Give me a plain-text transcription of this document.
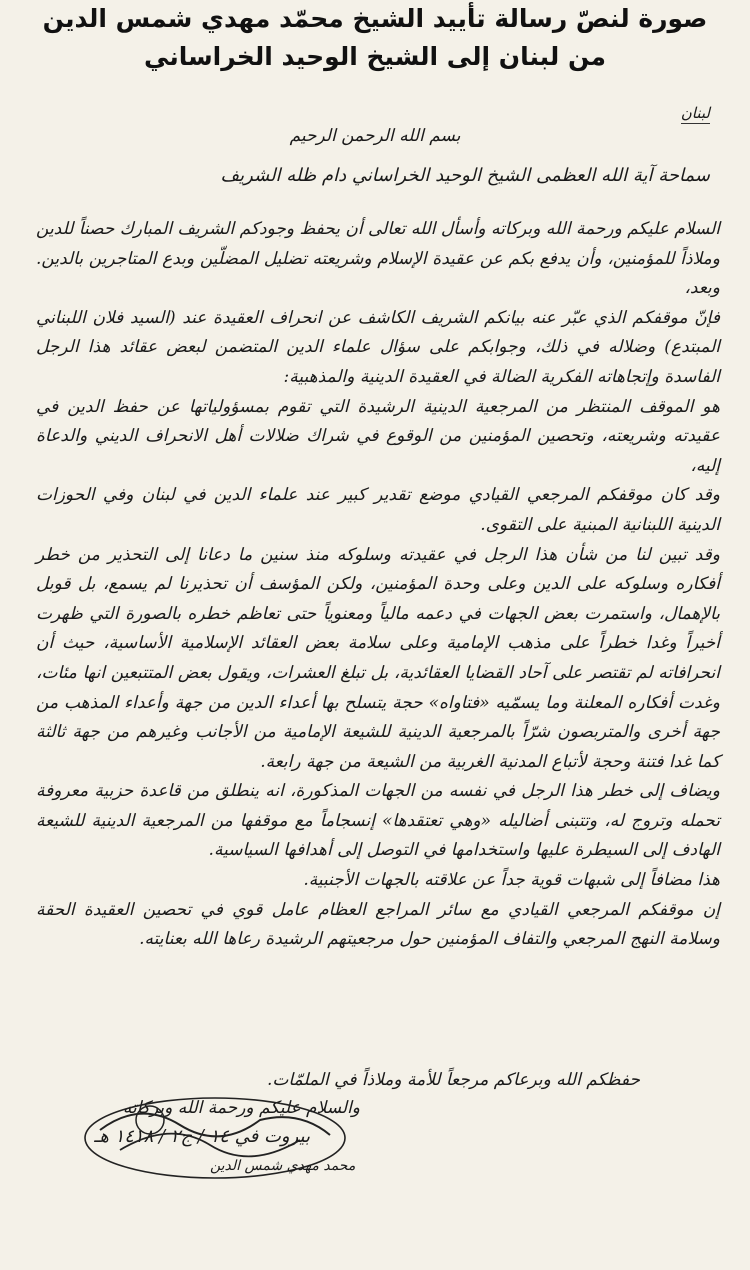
صورة لنصّ رسالة تأييد الشيخ محمّد مهدي شمس الدين
من لبنان إلى الشيخ الوحيد الخراساني
لبنان
بسم الله الرحمن الرحيم
سماحة آية الله العظمى الشيخ الوحيد الخراساني دام ظله الشريف

السلام عليكم ورحمة الله وبركاته وأسأل الله تعالى أن يحفظ وجودكم الشريف المبارك حصناً للدين وملاذاً للمؤمنين، وأن يدفع بكم عن عقيدة الإسلام وشريعته تضليل المضلّين وبدع المتاجرين بالدين. وبعد،

فإنّ موقفكم الذي عبّر عنه بيانكم الشريف الكاشف عن انحراف العقيدة عند (السيد فلان اللبناني المبتدع) وضلاله في ذلك، وجوابكم على سؤال علماء الدين المتضمن لبعض عقائد هذا الرجل الفاسدة وإتجاهاته الفكرية الضالة في العقيدة الدينية والمذهبية:

هو الموقف المنتظر من المرجعية الدينية الرشيدة التي تقوم بمسؤولياتها عن حفظ الدين في عقيدته وشريعته، وتحصين المؤمنين من الوقوع في شراك ضلالات أهل الانحراف الديني والدعاة إليه،

وقد كان موقفكم المرجعي القيادي موضع تقدير كبير عند علماء الدين في لبنان وفي الحوزات الدينية اللبنانية المبنية على التقوى.

وقد تبين لنا من شأن هذا الرجل في عقيدته وسلوكه منذ سنين ما دعانا إلى التحذير من خطر أفكاره وسلوكه على الدين وعلى وحدة المؤمنين، ولكن المؤسف أن تحذيرنا لم يسمع، بل قوبل بالإهمال، واستمرت بعض الجهات في دعمه مالياً ومعنوياً حتى تعاظم خطره بالصورة التي ظهرت أخيراً وغدا خطراً على مذهب الإمامية وعلى سلامة بعض العقائد الإسلامية الأساسية، حيث أن انحرافاته لم تقتصر على آحاد القضايا العقائدية، بل تبلغ العشرات، ويقول بعض المتتبعين انها مئات، وغدت أفكاره المعلنة وما يسمّيه «فتاواه» حجة يتسلح بها أعداء الدين من جهة وأعداء المذهب من جهة أخرى والمتربصون شرّاً بالمرجعية الدينية للشيعة الإمامية من الأجانب وغيرهم من جهة ثالثة كما غدا فتنة وحجة لأتباع المدنية الغربية من الشيعة من جهة رابعة.

ويضاف إلى خطر هذا الرجل في نفسه من الجهات المذكورة، انه ينطلق من قاعدة حزبية معروفة تحمله وتروج له، وتتبنى أضاليله «وهي تعتقدها» إنسجاماً مع موقفها من المرجعية الدينية للشيعة الهادف إلى السيطرة عليها واستخدامها في التوصل إلى أهدافها السياسية.

هذا مضافاً إلى شبهات قوية جداً عن علاقته بالجهات الأجنبية.

إن موقفكم المرجعي القيادي مع سائر المراجع العظام عامل قوي في تحصين العقيدة الحقة وسلامة النهج المرجعي والتفاف المؤمنين حول مرجعيتهم الرشيدة رعاها الله بعنايته.

حفظكم الله وبرعاكم مرجعاً للأمة وملاذاً في الملمّات.
والسلام عليكم ورحمة الله وبركاته
بيروت في ١٤ / ج٢ / ١٤١٨ هـ
محمد مهدي شمس الدين
